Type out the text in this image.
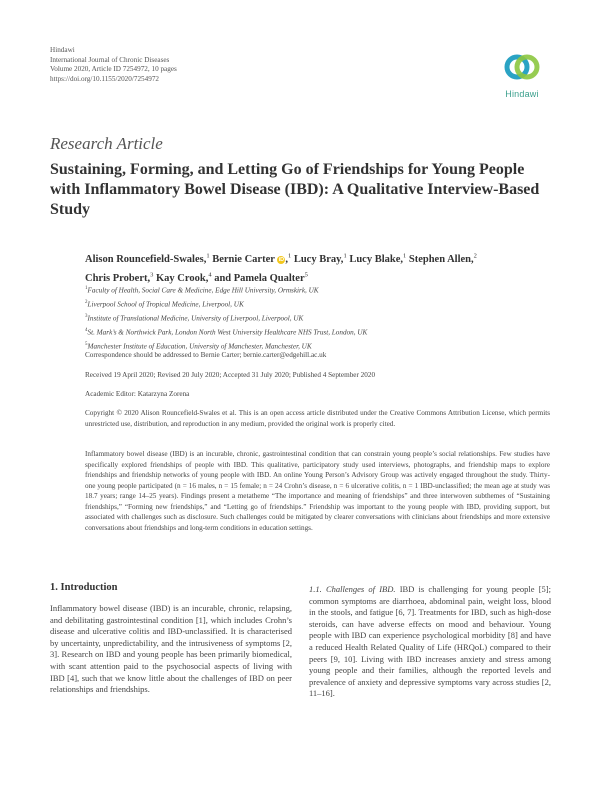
Hindawi
International Journal of Chronic Diseases
Volume 2020, Article ID 7254972, 10 pages
https://doi.org/10.1155/2020/7254972
Hindawi
Research Article
Sustaining, Forming, and Letting Go of Friendships for Young People with Inflammatory Bowel Disease (IBD): A Qualitative Interview-Based Study
Alison Rouncefield-Swales,$^1$ Bernie Carter iD,$^1$ Lucy Bray,$^1$ Lucy Blake,$^1$ Stephen Allen,$^2$
Chris Probert,$^3$ Kay Crook,$^4$ and Pamela Qualter$^5$
$^1$Faculty of Health, Social Care & Medicine, Edge Hill University, Ormskirk, UK
$^2$Liverpool School of Tropical Medicine, Liverpool, UK
$^3$Institute of Translational Medicine, University of Liverpool, Liverpool, UK
$^4$St. Mark’s & Northwick Park, London North West University Healthcare NHS Trust, London, UK
$^5$Manchester Institute of Education, University of Manchester, Manchester, UK
Correspondence should be addressed to Bernie Carter; bernie.carter@edgehill.ac.uk
Received 19 April 2020; Revised 20 July 2020; Accepted 31 July 2020; Published 4 September 2020
Academic Editor: Katarzyna Zorena
Copyright © 2020 Alison Rouncefield-Swales et al. This is an open access article distributed under the Creative Commons Attribution License, which permits unrestricted use, distribution, and reproduction in any medium, provided the original work is properly cited.
Inflammatory bowel disease (IBD) is an incurable, chronic, gastrointestinal condition that can constrain young people’s social relationships. Few studies have specifically explored friendships of people with IBD. This qualitative, participatory study used interviews, photographs, and friendship maps to explore friendships and friendship networks of young people with IBD. An online Young Person’s Advisory Group was actively engaged throughout the study. Thirty-one young people participated (n = 16 males, n = 15 female; n = 24 Crohn’s disease, n = 6 ulcerative colitis, n = 1 IBD-unclassified; the mean age at study was 18.7 years; range 14–25 years). Findings present a metatheme “The importance and meaning of friendships” and three interwoven subthemes of “Sustaining friendships,” “Forming new friendships,” and “Letting go of friendships.” Friendship was important to the young people with IBD, providing support, but associated with challenges such as disclosure. Such challenges could be mitigated by clearer conversations with clinicians about friendships and more extensive conversations about friendships and long-term conditions in education settings.
1. Introduction

Inflammatory bowel disease (IBD) is an incurable, chronic, relapsing, and debilitating gastrointestinal condition [1], which includes Crohn’s disease and ulcerative colitis and IBD-unclassified. It is characterised by uncertainty, unpredictability, and the intrusiveness of symptoms [2, 3]. Research on IBD and young people has been primarily biomedical, with scant attention paid to the psychosocial aspects of living with IBD [4], such that we know little about the challenges of IBD on peer relationships and friendships.

1.1. Challenges of IBD. IBD is challenging for young people [5]; common symptoms are diarrhoea, abdominal pain, weight loss, blood in the stools, and fatigue [6, 7]. Treatments for IBD, such as high-dose steroids, can have adverse effects on mood and behaviour. Young people with IBD can experience psychological morbidity [8] and have a reduced Health Related Quality of Life (HRQoL) compared to their peers [9, 10]. Living with IBD increases anxiety and stress among young people and their families, although the reported levels and prevalence of anxiety and depressive symptoms vary across studies [2, 11–16].
